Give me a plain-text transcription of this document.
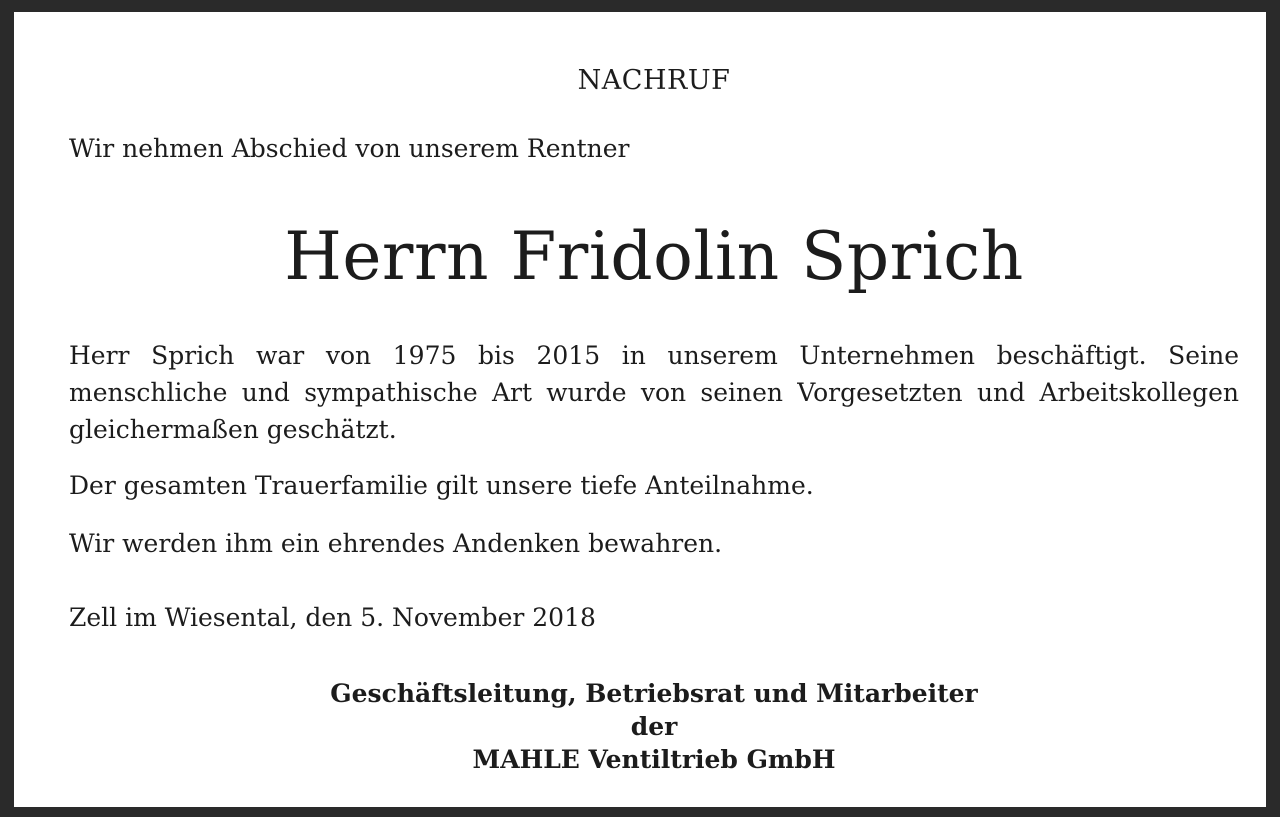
NACHRUF
Wir nehmen Abschied von unserem Rentner
Herrn Fridolin Sprich
Herr Sprich war von 1975 bis 2015 in unserem Unternehmen beschäftigt. Seine menschliche und sympathische Art wurde von seinen Vorgesetzten und Arbeitskollegen gleichermaßen geschätzt.
Der gesamten Trauerfamilie gilt unsere tiefe Anteilnahme.
Wir werden ihm ein ehrendes Andenken bewahren.
Zell im Wiesental, den 5. November 2018
Geschäftsleitung, Betriebsrat und Mitarbeiter
der
MAHLE Ventiltrieb GmbH
